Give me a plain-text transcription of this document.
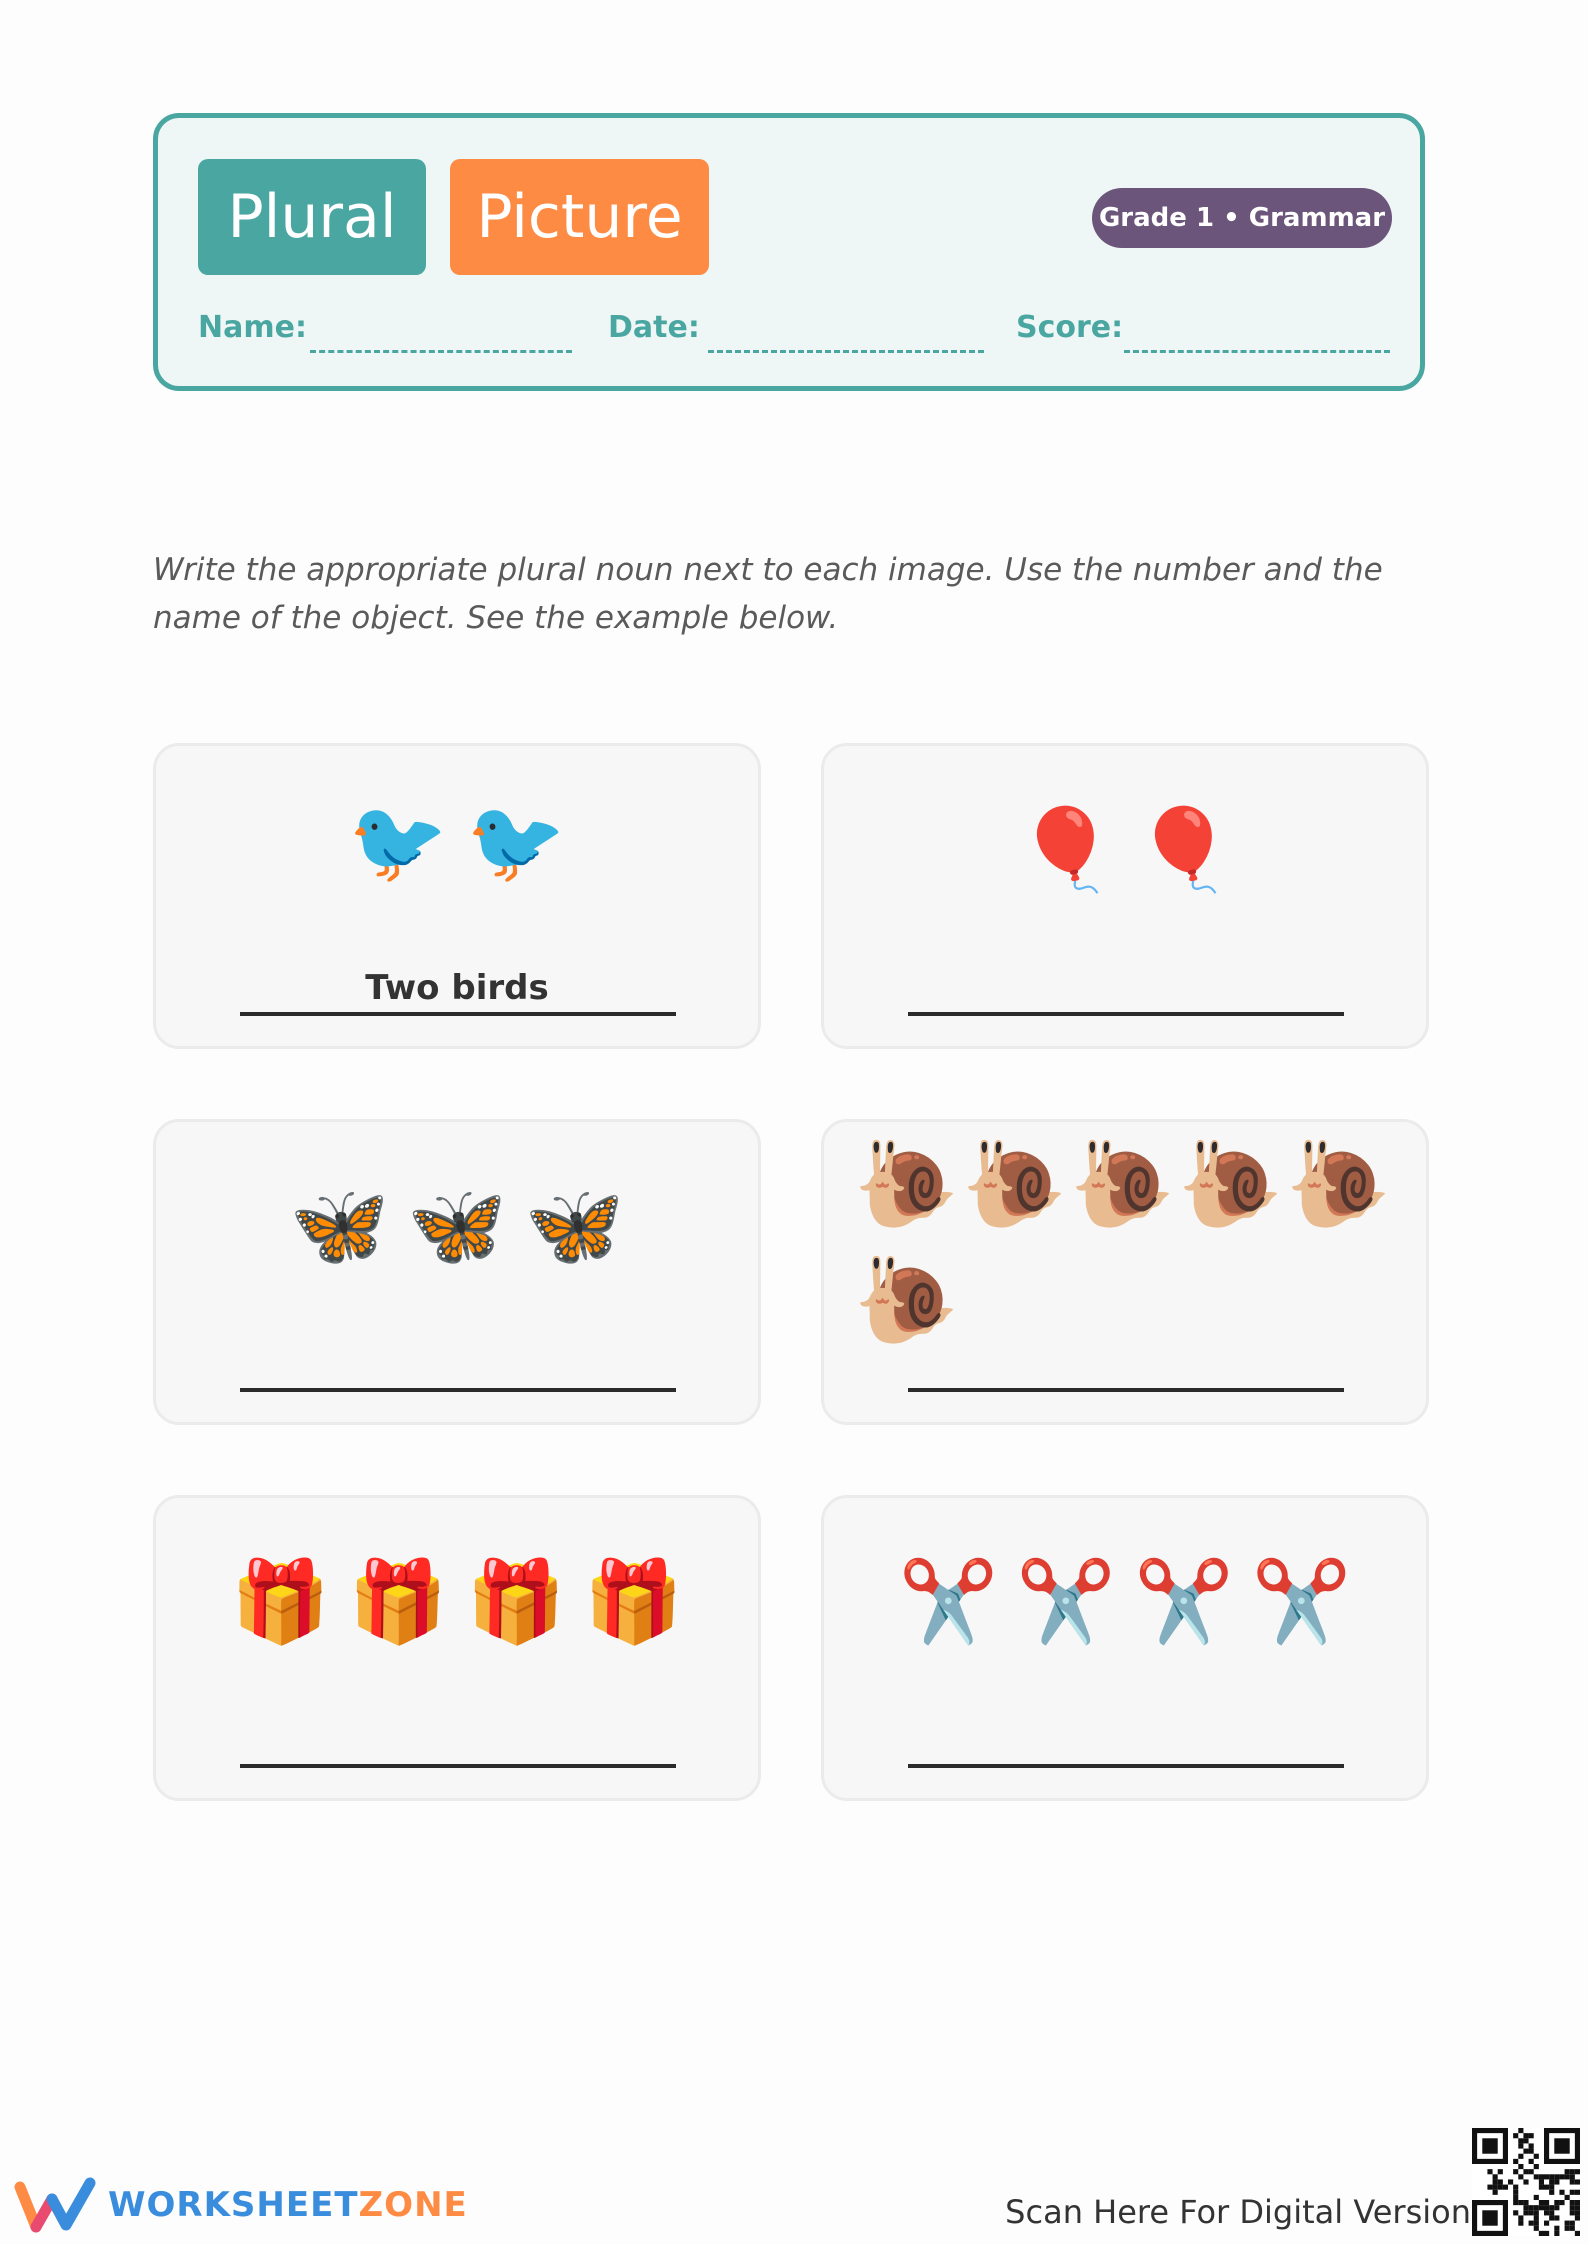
Plural	Picture	Grade 1 • Grammar
Name:	Date:	Score:
Write the appropriate plural noun next to each image. Use the number and the name of the object. See the example below.
🐦 🐦
Two birds
🎈 🎈
🦋 🦋 🦋	🐌 🐌 🐌 🐌 🐌
🐌
🎁 🎁 🎁 🎁	✂️ ✂️ ✂️ ✂️
WORKSHEETZONE	Scan Here For Digital Version
